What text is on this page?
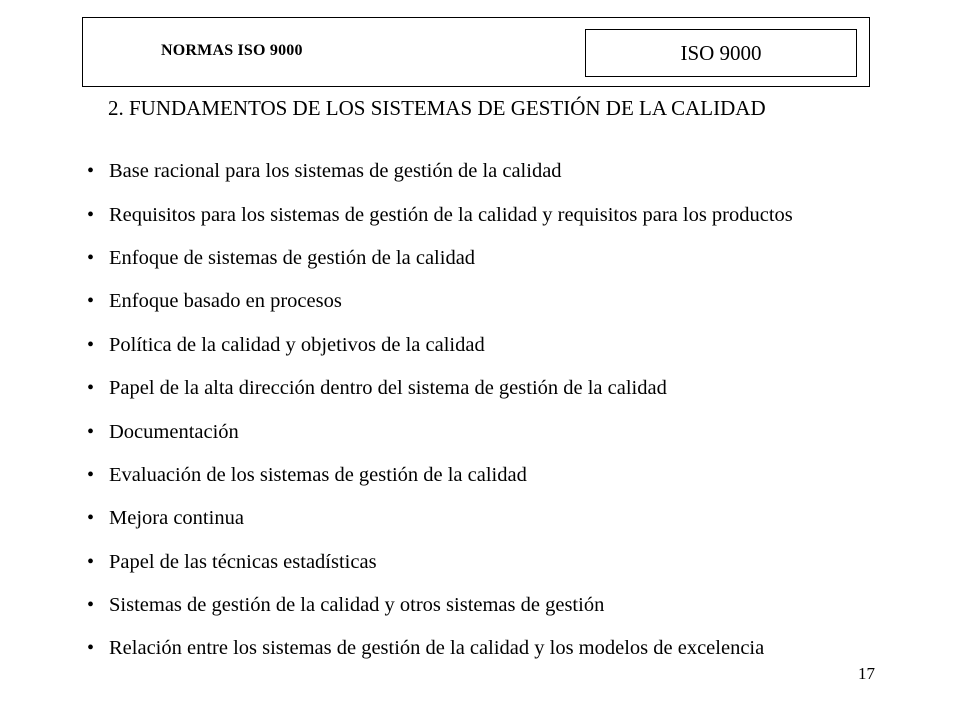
NORMAS ISO 9000	ISO 9000
2. FUNDAMENTOS DE LOS SISTEMAS DE GESTIÓN DE LA CALIDAD
• Base racional para los sistemas de gestión de la calidad
• Requisitos para los sistemas de gestión de la calidad y requisitos para los productos
• Enfoque de sistemas de gestión de la calidad
• Enfoque basado en procesos
• Política de la calidad y objetivos de la calidad
• Papel de la alta dirección dentro del sistema de gestión de la calidad
• Documentación
• Evaluación de los sistemas de gestión de la calidad
• Mejora continua
• Papel de las técnicas estadísticas
• Sistemas de gestión de la calidad y otros sistemas de gestión
• Relación entre los sistemas de gestión de la calidad y los modelos de excelencia
17
